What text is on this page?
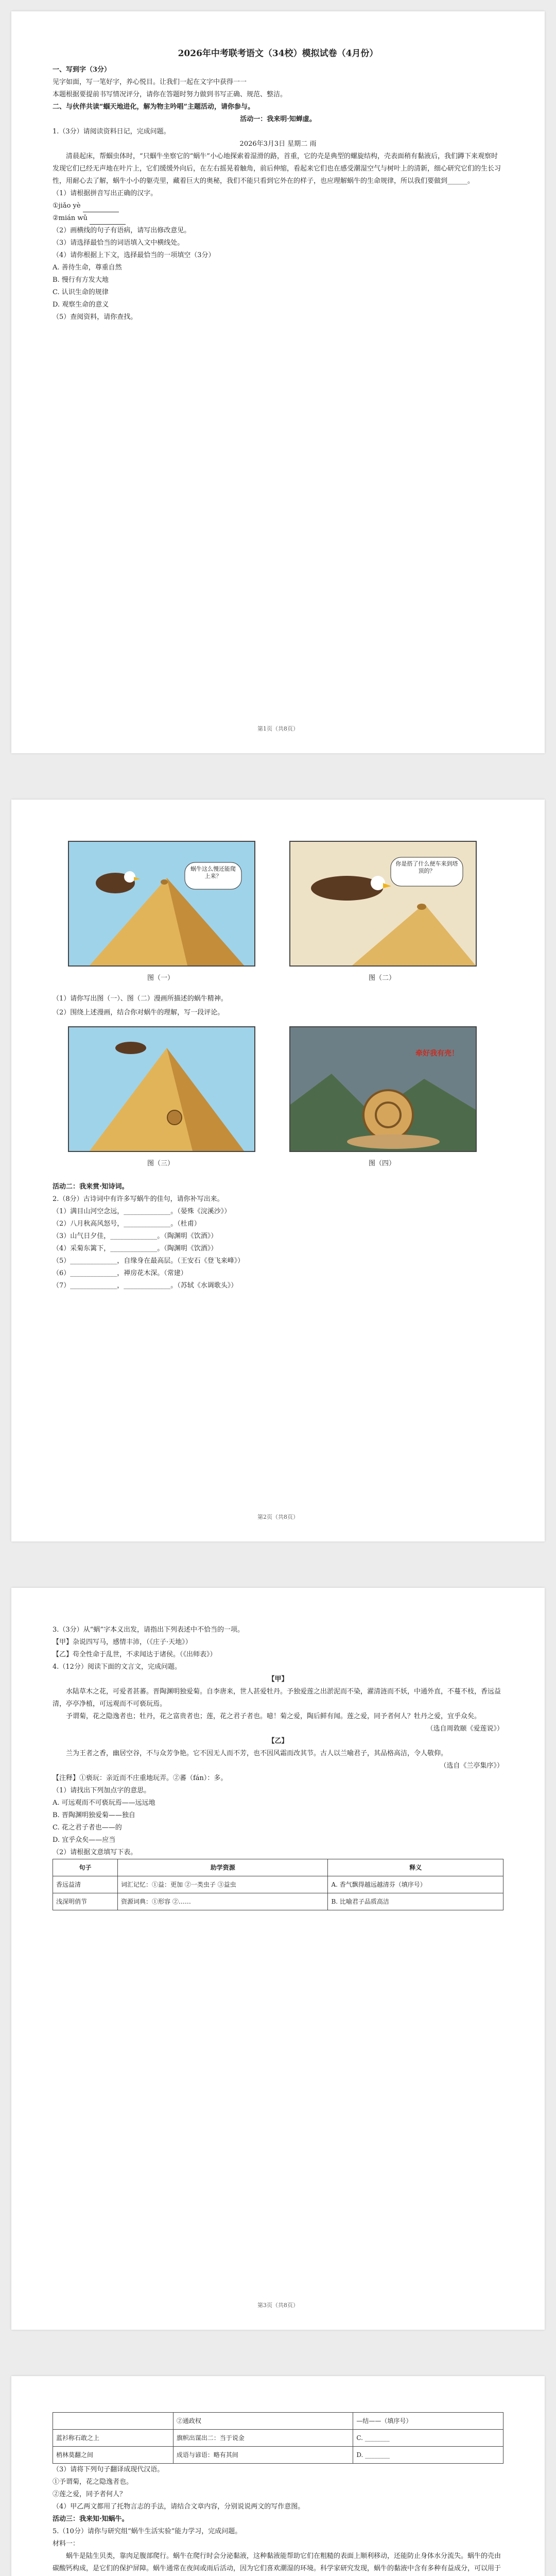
2026年中考联考语文（34校）模拟试卷（4月份）

一、写到字（3分）

见字如面，写一笔好字，养心悦目。让我们一起在文字中获得一一

本题根据要提前书写情况评分，请你在答题时努力做到书写正确、规范、整洁。

二、与伙伴共读“蝈天地进化，解为物主吟唱”主题活动，请你参与。

活动一：我来明·知蝉虚。

1.（3分）请阅读资料日记，完成问题。

2026年3月3日 星期二 雨

清晨起床，帮蝈虫体时，“只蝈牛坐察它的“蜗牛”小心地探索着湿滑的路，首重，它的壳是典型的螺旋结构，壳表面稍有黏液后，我们蹲下来观察时发现它们已经无声地在叶片上，它们缓缓外向后，在左右摇晃着触角，前后伸缩，看起来它们也在感受潮湿空气与树叶上的清新，细心研究它们的生长习性，用耐心去了解，蜗牛小小的躯壳里，藏着巨大的奥秘，我们不能只看到它外在的样子，也应理解蜗牛的生命规律，所以我们要做到______。

（1）请根据拼音写出正确的汉字。

①jiǎo yè

②mián wǔ

（2）画横线的句子有语病，请写出修改意见。

（3）请选择最恰当的词语填入文中横线处。

（4）请你根据上下文，选择最恰当的一项填空（3分）

A. 善待生命，尊重自然

B. 慢行有方发大地

C. 认识生命的规律

D. 观察生命的意义

（5）查阅资料，请你查找。

第1页（共8页）
蜗牛这么慢还能爬上来？
图（一）
你是搭了什么便车来到塔顶的？
图（二）

（1）请你写出图（一）、图（二）漫画所描述的蜗牛精神。

（2）围绕上述漫画，结合你对蜗牛的理解，写一段评论。

图（三）
牵好我有壳！
图（四）

活动二：我来赏·知诗词。

2.（8分）古诗词中有许多写蜗牛的佳句，请你补写出来。

（1）满目山河空念远，______________。（晏殊《浣溪沙》）

（2）八月秋高风怒号，______________。（杜甫）

（3）山气日夕佳，______________。（陶渊明《饮酒》）

（4）采菊东篱下，______________。（陶渊明《饮酒》）

（5）______________，自缘身在最高层。（王安石《登飞来峰》）

（6）______________，禅房花木深。（常建）

（7）______________，______________。（苏轼《水调歌头》）

第2页（共8页）

3.（3分）从“蜗”字本义出发，请指出下列表述中不恰当的一项。

【甲】杂说四写马，感情丰沛，（《庄子·天地》）

【乙】苟全性命于乱世，不求闻达于诸侯。（《出师表》）

4.（12分）阅读下面的文言文，完成问题。

【甲】

水陆草木之花，可爱者甚蕃。晋陶渊明独爱菊。自李唐来，世人甚爱牡丹。予独爱莲之出淤泥而不染，濯清涟而不妖，中通外直，不蔓不枝，香远益清，亭亭净植，可远观而不可亵玩焉。

予谓菊，花之隐逸者也；牡丹，花之富贵者也；莲，花之君子者也。噫！菊之爱，陶后鲜有闻。莲之爱，同予者何人？牡丹之爱，宜乎众矣。

（选自周敦颐《爱莲说》）

【乙】

兰为王者之香，幽居空谷，不与众芳争艳。它不因无人而不芳，也不因风霜而改其节。古人以兰喻君子，其品格高洁，令人敬仰。

（选自《兰亭集序》）

【注释】①亵玩：亲近而不庄重地玩弄。②蕃（fán）：多。

（1）请找出下列加点字的意思。

A. 可远观而不可亵玩焉——远远地

B. 晋陶渊明独爱菊——独自

C. 花之君子者也——的

D. 宜乎众矣——应当

（2）请根据文意填写下表。

句子	助学资源	释义
香远益清	词汇记忆：①益：更加 ②一类虫子 ③益虫	A. 香气飘得越远越清芬（填序号）
浅深明俏节	资源词典：①形容 ②……	B. 比喻君子品质高洁
第3页（共8页）
	②通政权	—结——（填序号）
蓝衫称石敢之上	旗帜出谋出二：当于说金	C. ________
梢林莫翻之间	成语与谚语：略有其间	D. ________

（3）请将下列句子翻译成现代汉语。

①予谓菊，花之隐逸者也。

②莲之爱，同予者何人？

（4）甲乙两文都用了托物言志的手法，请结合文章内容，分别说说两文的写作意图。

活动三：我来知·知蜗牛。

5.（10分）请你与研究组“蜗牛生活实验”能力学习，完成问题。

材料一：

蜗牛是陆生贝类，靠肉足腹部爬行。蜗牛在爬行时会分泌黏液，这种黏液能帮助它们在粗糙的表面上顺利移动，还能防止身体水分流失。蜗牛的壳由碳酸钙构成，是它们的保护屏障。蜗牛通常在夜间或雨后活动，因为它们喜欢潮湿的环境。科学家研究发现，蜗牛的黏液中含有多种有益成分，可以用于
